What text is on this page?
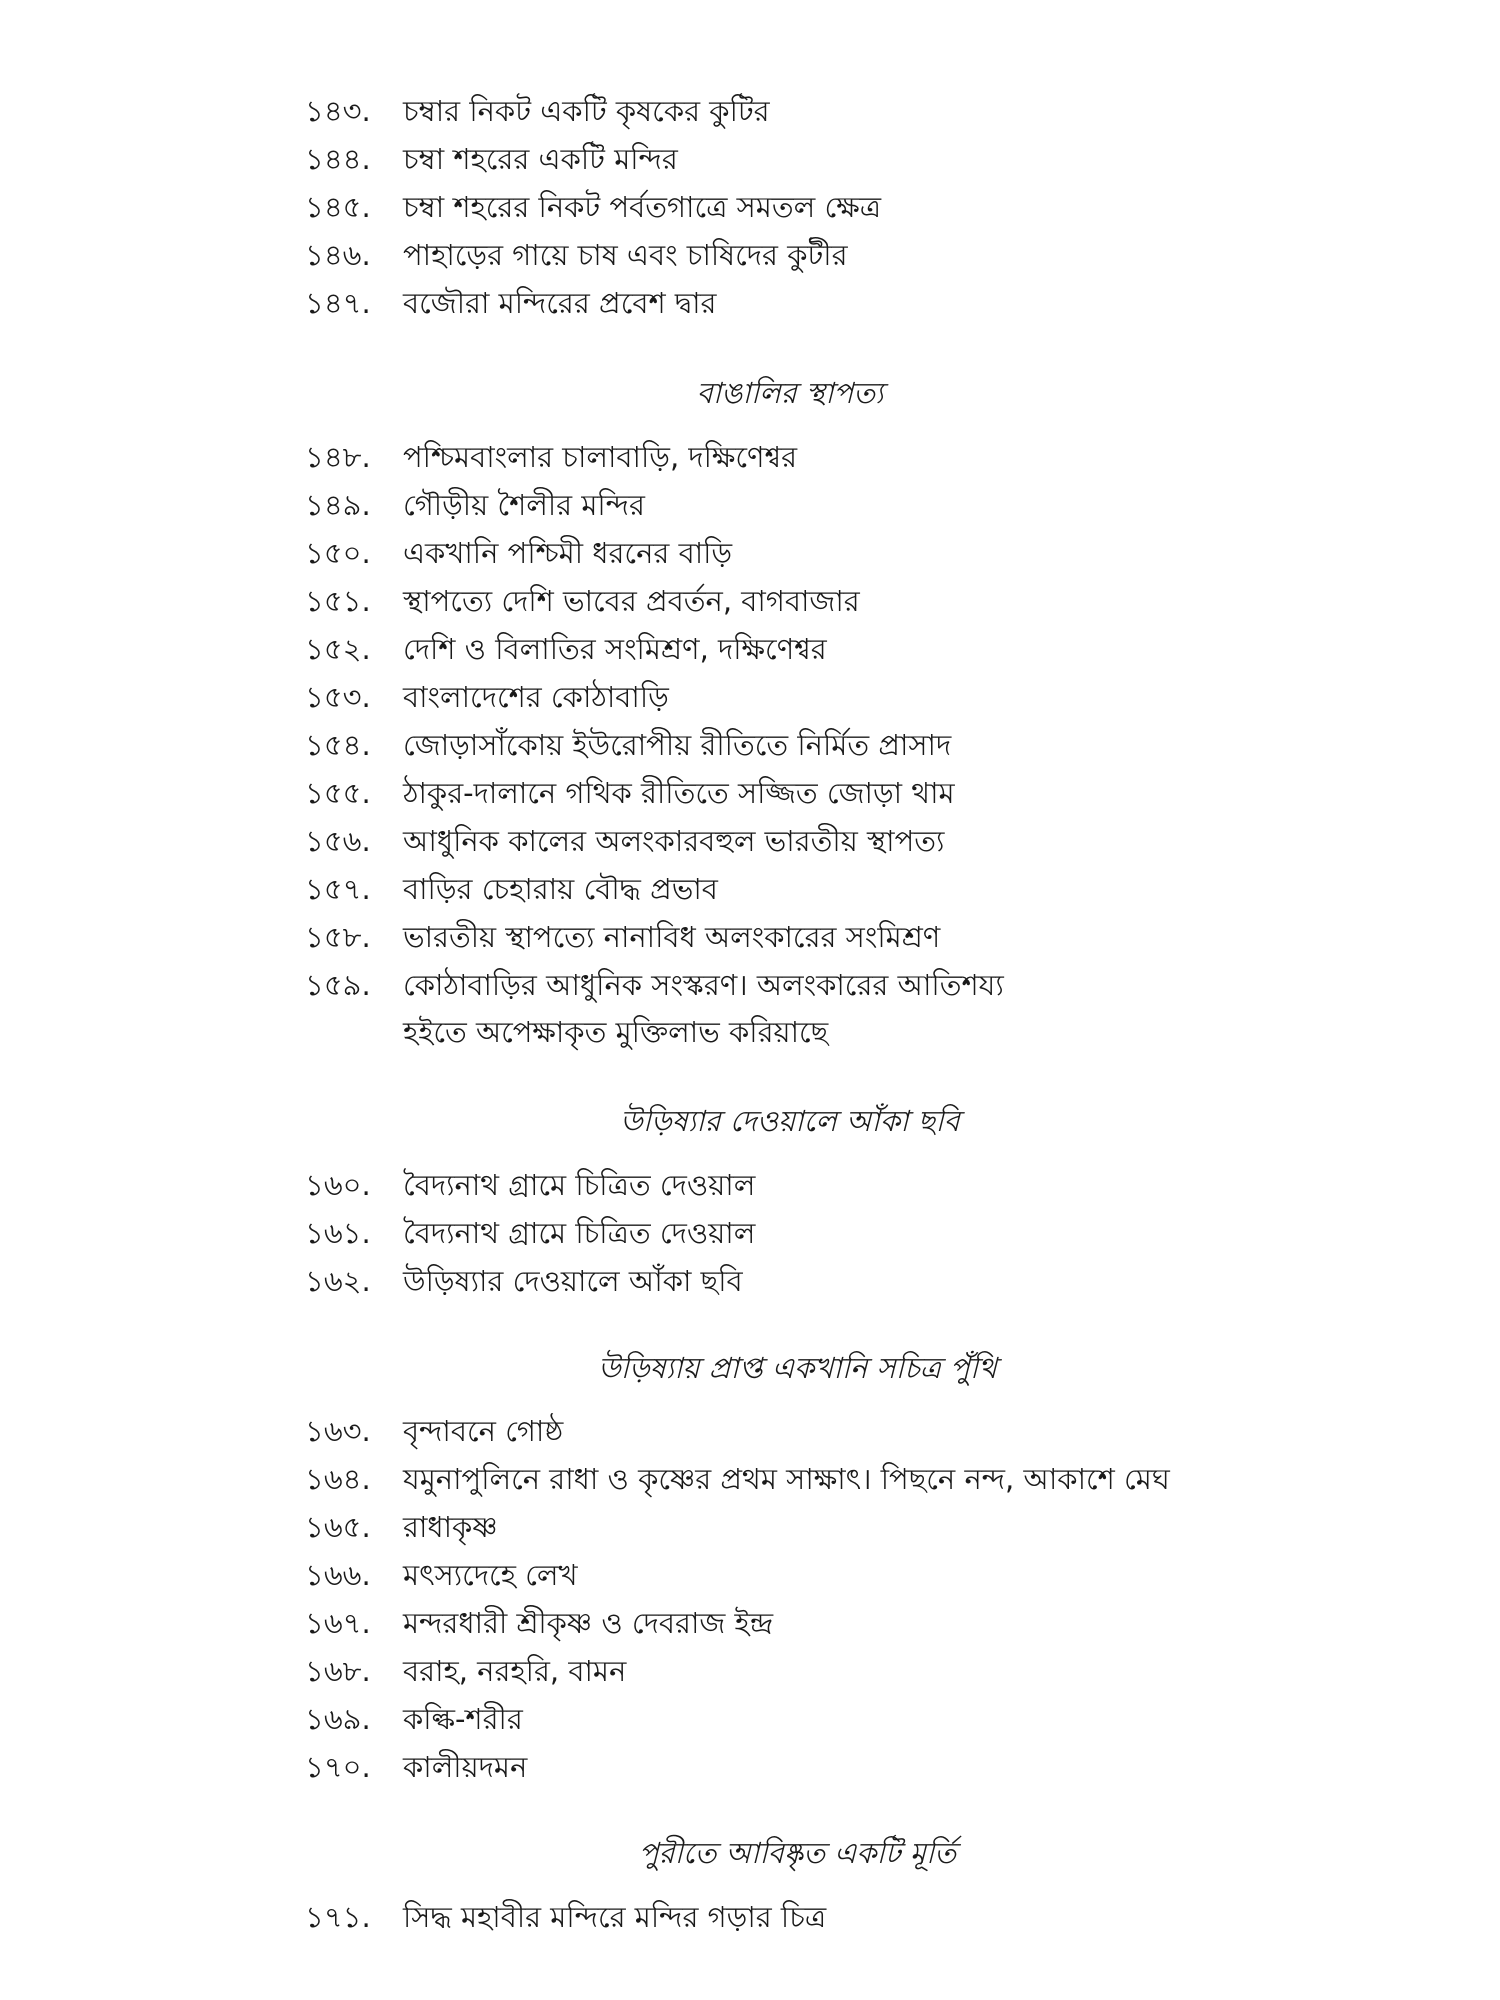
বাঙালির স্থাপত্য
উড়িষ্যার দেওয়ালে আঁকা ছবি
উড়িষ্যায় প্রাপ্ত একখানি সচিত্র পুঁথি
পুরীতে আবিষ্কৃত একটি মূর্তি
১৪৩.	চম্বার নিকট একটি কৃষকের কুটির
১৪৪.	চম্বা শহরের একটি মন্দির
১৪৫.	চম্বা শহরের নিকট পর্বতগাত্রে সমতল ক্ষেত্র
১৪৬.	পাহাড়ের গায়ে চাষ এবং চাষিদের কুটীর
১৪৭.	বজৌরা মন্দিরের প্রবেশ দ্বার
১৪৮.	পশ্চিমবাংলার চালাবাড়ি, দক্ষিণেশ্বর
১৪৯.	গৌড়ীয় শৈলীর মন্দির
১৫০.	একখানি পশ্চিমী ধরনের বাড়ি
১৫১.	স্থাপত্যে দেশি ভাবের প্রবর্তন, বাগবাজার
১৫২.	দেশি ও বিলাতির সংমিশ্রণ, দক্ষিণেশ্বর
১৫৩.	বাংলাদেশের কোঠাবাড়ি
১৫৪.	জোড়াসাঁকোয় ইউরোপীয় রীতিতে নির্মিত প্রাসাদ
১৫৫.	ঠাকুর-দালানে গথিক রীতিতে সজ্জিত জোড়া থাম
১৫৬.	আধুনিক কালের অলংকারবহুল ভারতীয় স্থাপত্য
১৫৭.	বাড়ির চেহারায় বৌদ্ধ প্রভাব
১৫৮.	ভারতীয় স্থাপত্যে নানাবিধ অলংকারের সংমিশ্রণ
১৫৯.	কোঠাবাড়ির আধুনিক সংস্করণ। অলংকারের আতিশয্য
হইতে অপেক্ষাকৃত মুক্তিলাভ করিয়াছে
১৬০.	বৈদ্যনাথ গ্রামে চিত্রিত দেওয়াল
১৬১.	বৈদ্যনাথ গ্রামে চিত্রিত দেওয়াল
১৬২.	উড়িষ্যার দেওয়ালে আঁকা ছবি
১৬৩.	বৃন্দাবনে গোষ্ঠ
১৬৪.	যমুনাপুলিনে রাধা ও কৃষ্ণের প্রথম সাক্ষাৎ। পিছনে নন্দ, আকাশে মেঘ
১৬৫.	রাধাকৃষ্ণ
১৬৬.	মৎস্যদেহে লেখ
১৬৭.	মন্দরধারী শ্রীকৃষ্ণ ও দেবরাজ ইন্দ্র
১৬৮.	বরাহ, নরহরি, বামন
১৬৯.	কল্কি-শরীর
১৭০.	কালীয়দমন
১৭১.	সিদ্ধ মহাবীর মন্দিরে মন্দির গড়ার চিত্র
